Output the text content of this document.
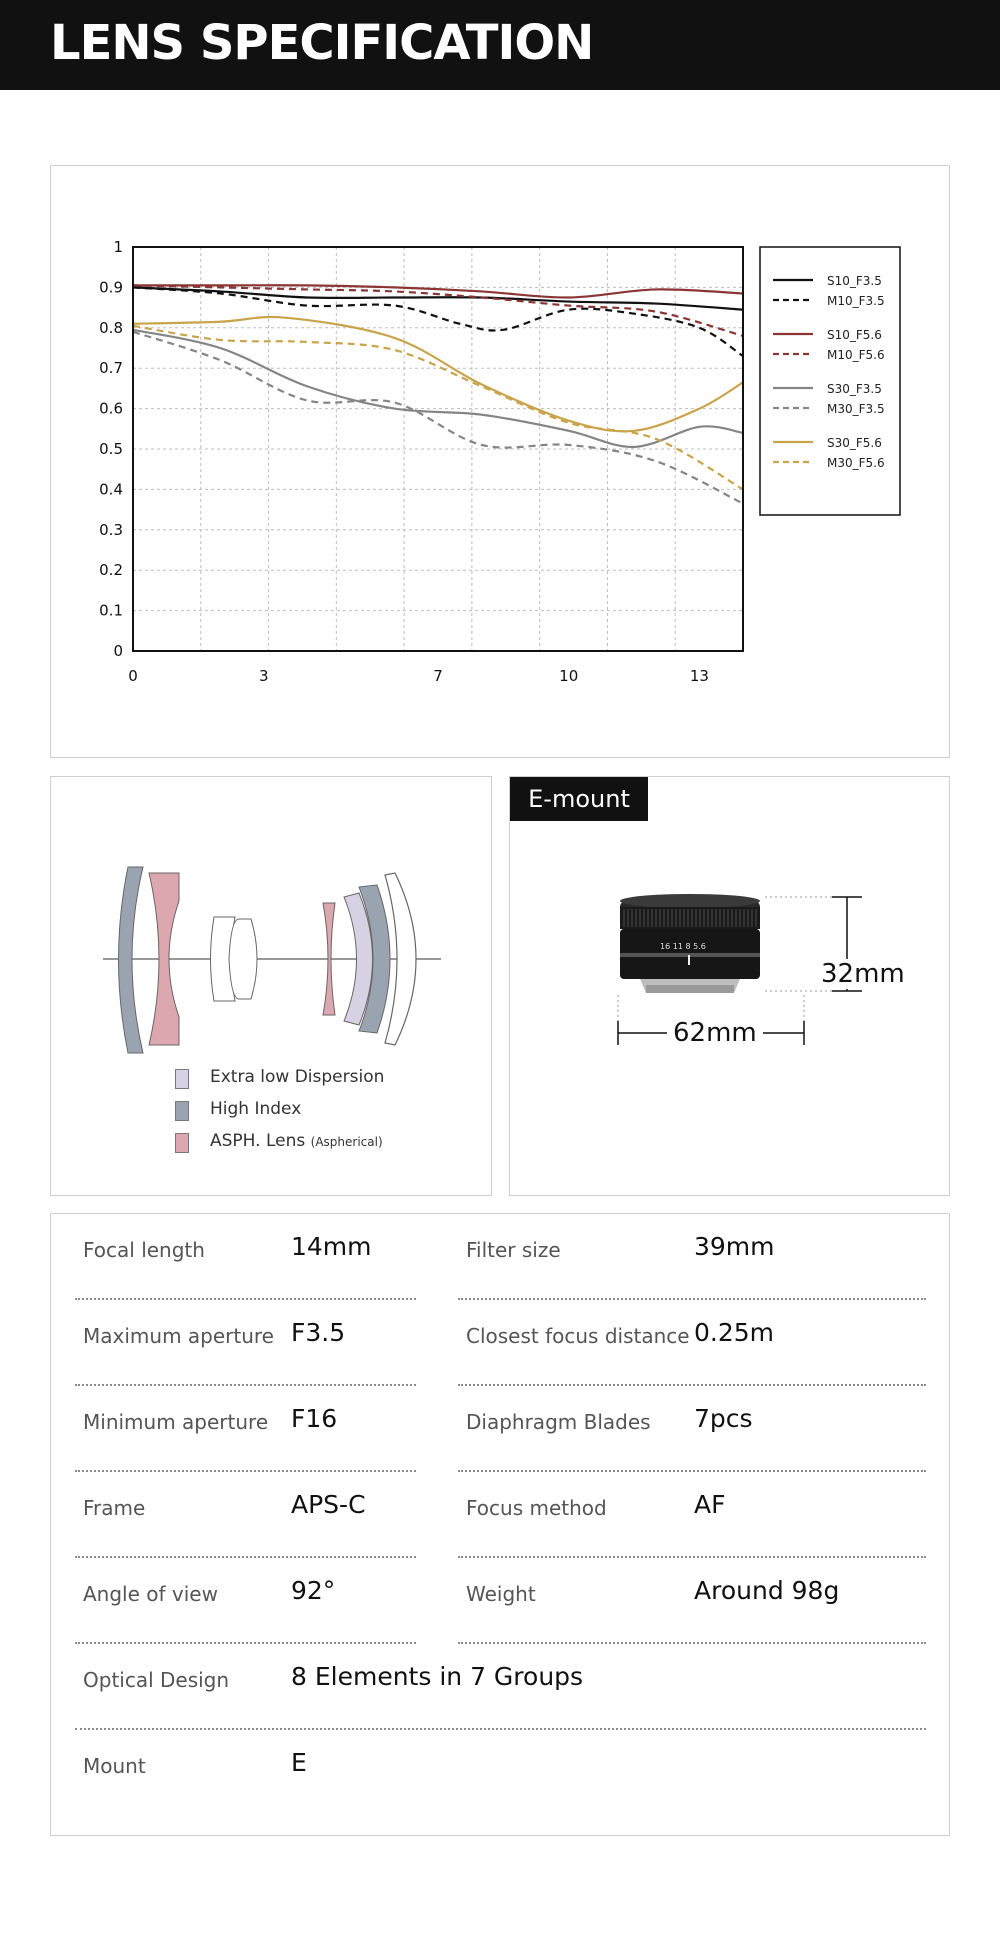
LENS SPECIFICATION
0
0.1
0.2
0.3
0.4
0.5
0.6
0.7
0.8
0.9
1
0	3	7	10	13
S10_F3.5
M10_F3.5
S10_F5.6
M10_F5.6
S30_F3.5
M30_F3.5
S30_F5.6
M30_F5.6
Extra low Dispersion
High Index
ASPH. Lens (Aspherical)
E-mount
16 11 8 5.6
32mm
62mm
Focal length	14mm	Filter size	39mm
Maximum aperture F3.5	Closest focus distance 0.25m
Minimum aperture F16	Diaphragm Blades 7pcs
Frame	APS-C	Focus method	AF
Angle of view	92°	Weight	Around 98g
Optical Design 8 Elements in 7 Groups
Mount	E
